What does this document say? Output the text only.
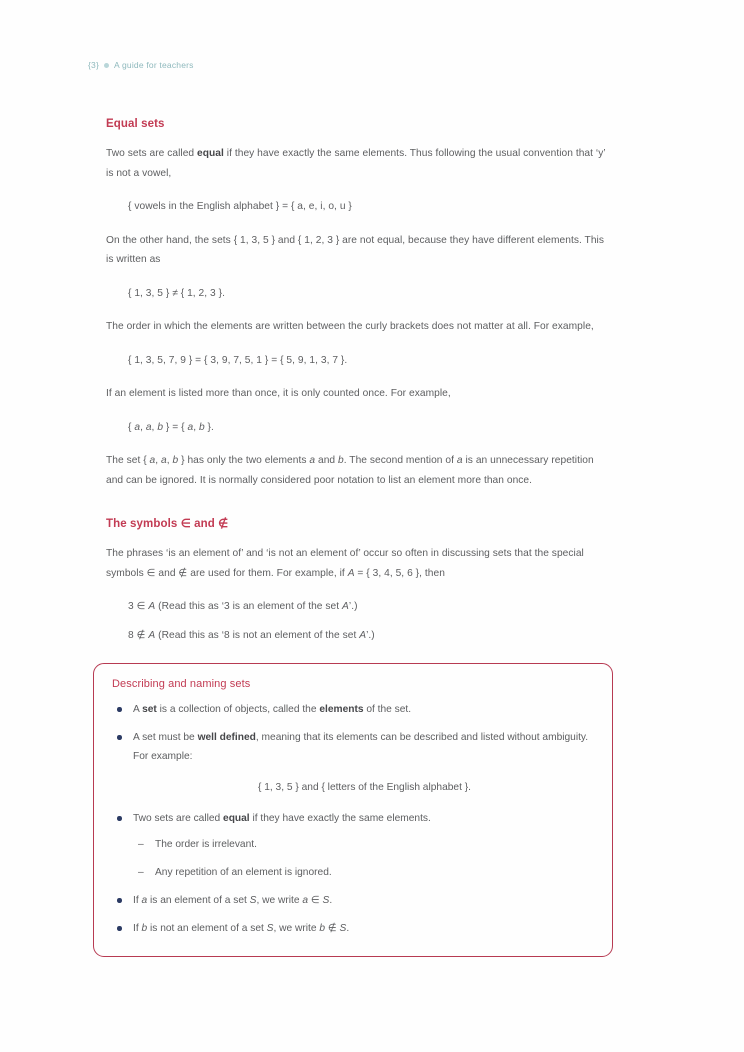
{3} A guide for teachers
Equal sets

Two sets are called equal if they have exactly the same elements. Thus following the usual convention that ‘y’ is not a vowel,

{ vowels in the English alphabet } = { a, e, i, o, u }

On the other hand, the sets { 1, 3, 5 } and { 1, 2, 3 } are not equal, because they have different elements. This is written as

{ 1, 3, 5 } ≠ { 1, 2, 3 }.

The order in which the elements are written between the curly brackets does not matter at all. For example,

{ 1, 3, 5, 7, 9 } = { 3, 9, 7, 5, 1 } = { 5, 9, 1, 3, 7 }.

If an element is listed more than once, it is only counted once. For example,

{ a, a, b } = { a, b }.

The set { a, a, b } has only the two elements a and b. The second mention of a is an unnecessary repetition and can be ignored. It is normally considered poor notation to list an element more than once.

The symbols ∈ and ∉

The phrases ‘is an element of’ and ‘is not an element of’ occur so often in discussing sets that the special symbols ∈ and ∉ are used for them. For example, if A = { 3, 4, 5, 6 }, then

3 ∈ A (Read this as ‘3 is an element of the set A’.)

8 ∉ A (Read this as ‘8 is not an element of the set A’.)

Describing and naming sets
A set is a collection of objects, called the elements of the set.
A set must be well defined, meaning that its elements can be described and listed without ambiguity. For example:
{ 1, 3, 5 } and { letters of the English alphabet }.
Two sets are called equal if they have exactly the same elements.
– The order is irrelevant.
– Any repetition of an element is ignored.
If a is an element of a set S, we write a ∈ S.
If b is not an element of a set S, we write b ∉ S.
